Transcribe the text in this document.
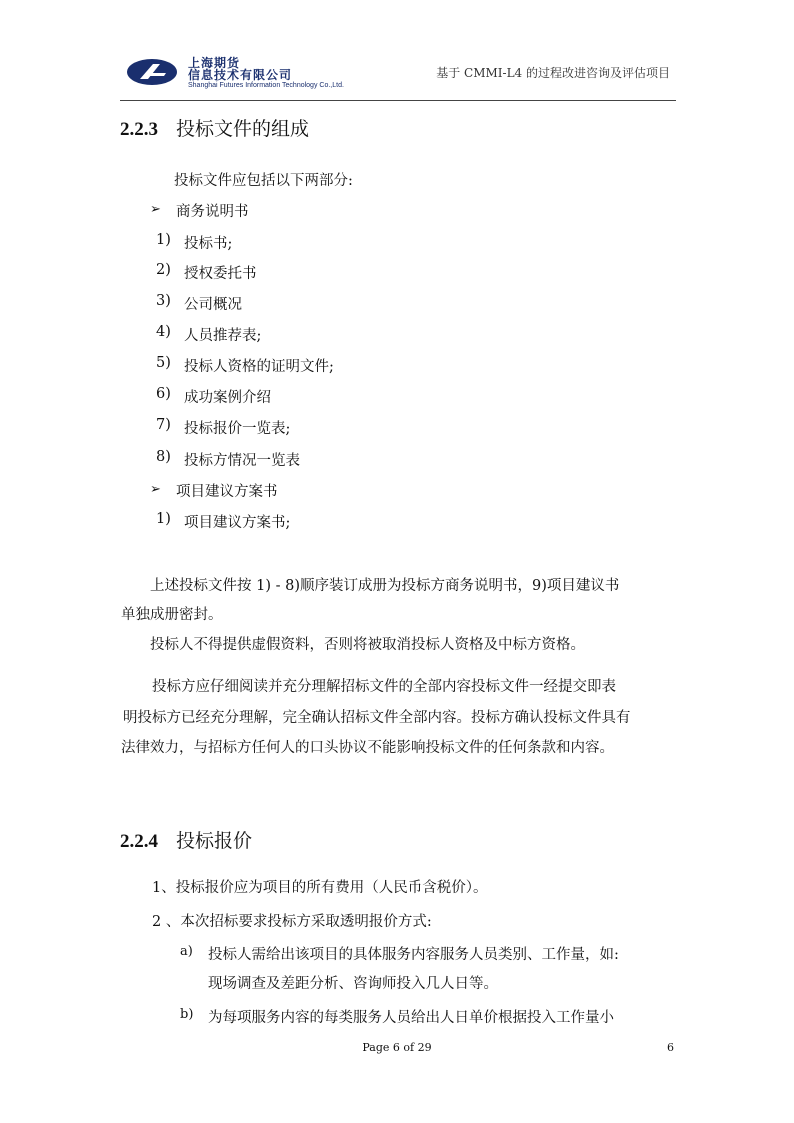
上海期货
信息技术有限公司
Shanghai Futures Information Technology Co.,Ltd.
基于 CMMI-L4 的过程改进咨询及评估项目
2.2.3 投标文件的组成
投标文件应包括以下两部分:
➢ 商务说明书
1) 投标书;
2) 授权委托书
3) 公司概况
4) 人员推荐表;
5) 投标人资格的证明文件;
6) 成功案例介绍
7) 投标报价一览表;
8) 投标方情况一览表
➢ 项目建议方案书
1) 项目建议方案书;
上述投标文件按 1) - 8)顺序装订成册为投标方商务说明书，9)项目建议书
单独成册密封。
投标人不得提供虚假资料，否则将被取消投标人资格及中标方资格。
投标方应仔细阅读并充分理解招标文件的全部内容投标文件一经提交即表
明投标方已经充分理解，完全确认招标文件全部内容。投标方确认投标文件具有
法律效力，与招标方任何人的口头协议不能影响投标文件的任何条款和内容。
2.2.4 投标报价
1、投标报价应为项目的所有费用（人民币含税价）。
2 、本次招标要求投标方采取透明报价方式:
a) 投标人需给出该项目的具体服务内容服务人员类别、工作量，如:
现场调查及差距分析、咨询师投入几人日等。
b) 为每项服务内容的每类服务人员给出人日单价根据投入工作量小
Page 6 of 29	6
